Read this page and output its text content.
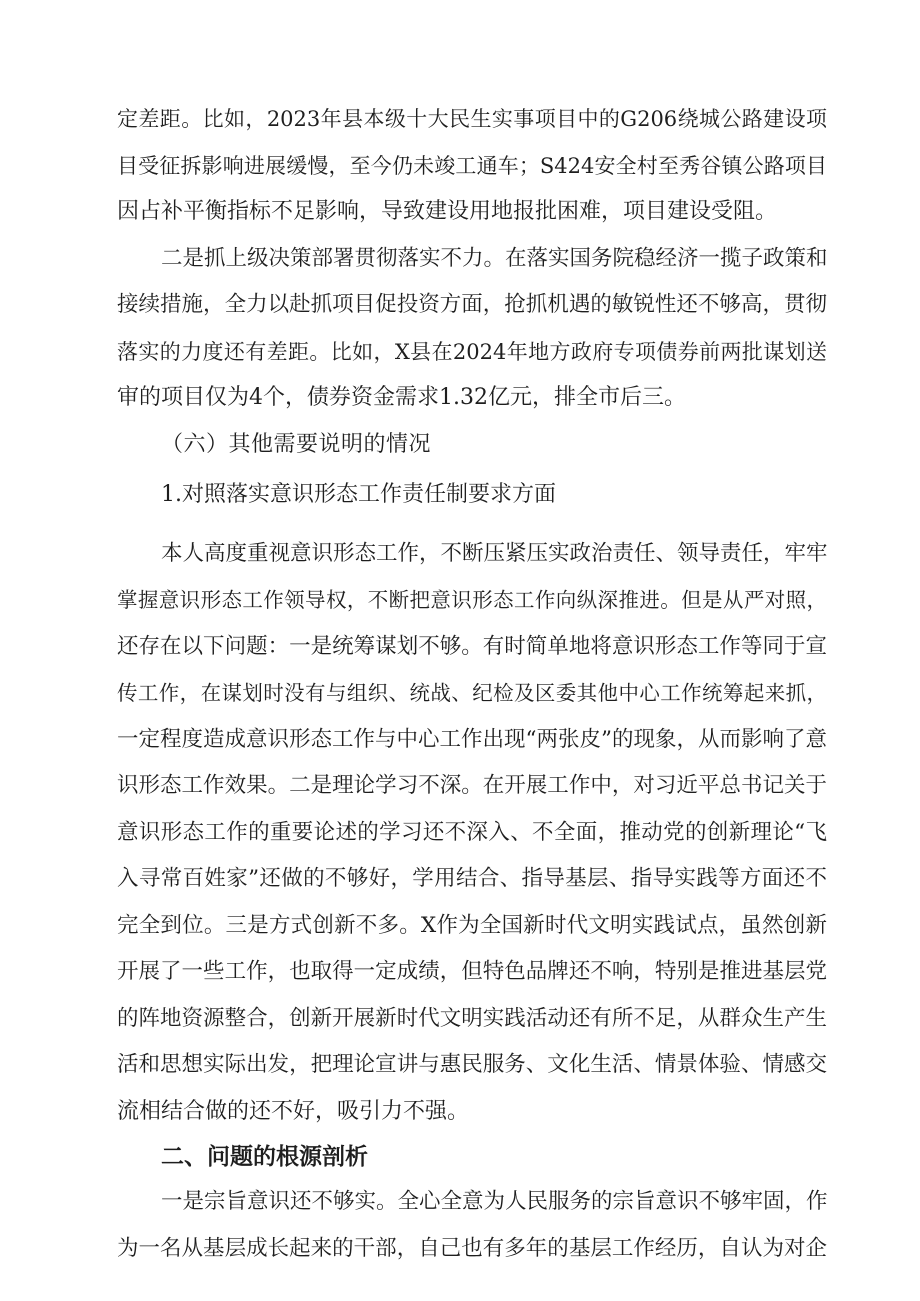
定差距。比如，2023年县本级十大民生实事项目中的G206绕城公路建设项
目受征拆影响进展缓慢，至今仍未竣工通车；S424安全村至秀谷镇公路项目
因占补平衡指标不足影响，导致建设用地报批困难，项目建设受阻。
二是抓上级决策部署贯彻落实不力。在落实国务院稳经济一揽子政策和
接续措施，全力以赴抓项目促投资方面，抢抓机遇的敏锐性还不够高，贯彻
落实的力度还有差距。比如，X县在2024年地方政府专项债券前两批谋划送
审的项目仅为4个，债券资金需求1.32亿元，排全市后三。
（六）其他需要说明的情况
1.对照落实意识形态工作责任制要求方面
本人高度重视意识形态工作，不断压紧压实政治责任、领导责任，牢牢
掌握意识形态工作领导权，不断把意识形态工作向纵深推进。但是从严对照，
还存在以下问题：一是统筹谋划不够。有时简单地将意识形态工作等同于宣
传工作，在谋划时没有与组织、统战、纪检及区委其他中心工作统筹起来抓，
一定程度造成意识形态工作与中心工作出现“两张皮”的现象，从而影响了意
识形态工作效果。二是理论学习不深。在开展工作中，对习近平总书记关于
意识形态工作的重要论述的学习还不深入、不全面，推动党的创新理论“飞
入寻常百姓家”还做的不够好，学用结合、指导基层、指导实践等方面还不
完全到位。三是方式创新不多。X作为全国新时代文明实践试点，虽然创新
开展了一些工作，也取得一定成绩，但特色品牌还不响，特别是推进基层党
的阵地资源整合，创新开展新时代文明实践活动还有所不足，从群众生产生
活和思想实际出发，把理论宣讲与惠民服务、文化生活、情景体验、情感交
流相结合做的还不好，吸引力不强。
二、问题的根源剖析
一是宗旨意识还不够实。全心全意为人民服务的宗旨意识不够牢固，作
为一名从基层成长起来的干部，自己也有多年的基层工作经历，自认为对企
